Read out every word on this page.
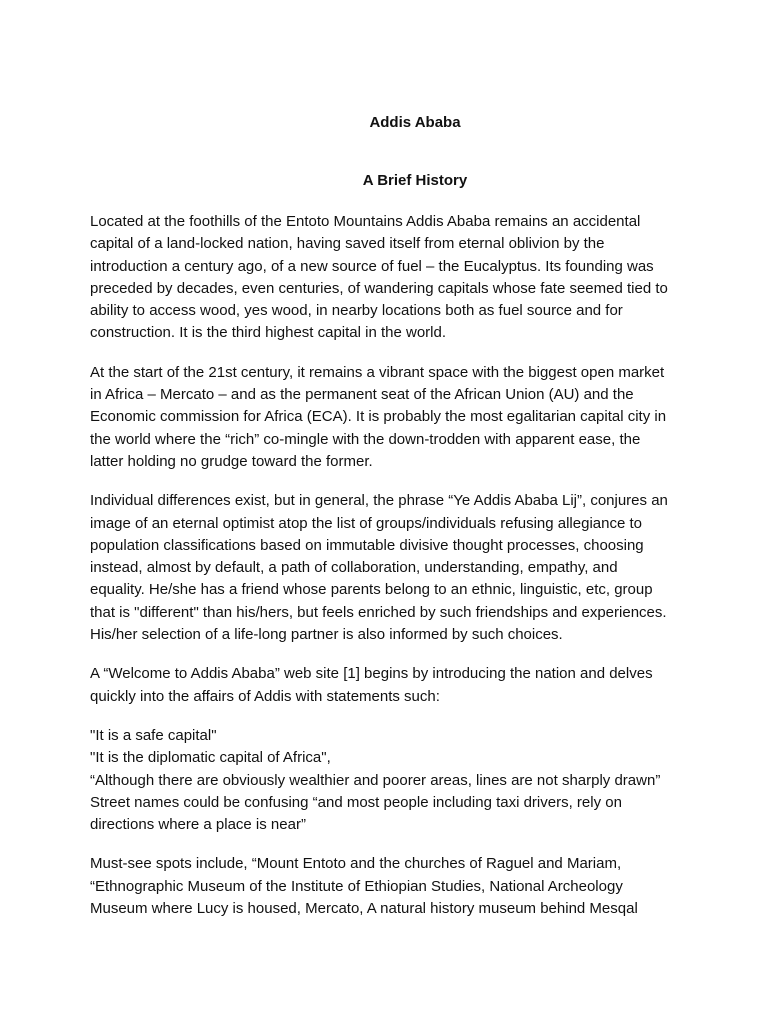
Addis Ababa
A Brief History

Located at the foothills of the Entoto Mountains Addis Ababa remains an accidental
capital of a land-locked nation, having saved itself from eternal oblivion by the
introduction a century ago, of a new source of fuel – the Eucalyptus. Its founding was
preceded by decades, even centuries, of wandering capitals whose fate seemed tied to
ability to access wood, yes wood, in nearby locations both as fuel source and for
construction. It is the third highest capital in the world.

At the start of the 21st century, it remains a vibrant space with the biggest open market
in Africa – Mercato – and as the permanent seat of the African Union (AU) and the
Economic commission for Africa (ECA). It is probably the most egalitarian capital city in
the world where the “rich” co-mingle with the down-trodden with apparent ease, the
latter holding no grudge toward the former.

Individual differences exist, but in general, the phrase “Ye Addis Ababa Lij”, conjures an
image of an eternal optimist atop the list of groups/individuals refusing allegiance to
population classifications based on immutable divisive thought processes, choosing
instead, almost by default, a path of collaboration, understanding, empathy, and
equality. He/she has a friend whose parents belong to an ethnic, linguistic, etc, group
that is "different" than his/hers, but feels enriched by such friendships and experiences.
His/her selection of a life-long partner is also informed by such choices.

A “Welcome to Addis Ababa” web site [1] begins by introducing the nation and delves
quickly into the affairs of Addis with statements such:

"It is a safe capital"
"It is the diplomatic capital of Africa",
“Although there are obviously wealthier and poorer areas, lines are not sharply drawn”
Street names could be confusing “and most people including taxi drivers, rely on
directions where a place is near”

Must-see spots include, “Mount Entoto and the churches of Raguel and Mariam,
“Ethnographic Museum of the Institute of Ethiopian Studies, National Archeology
Museum where Lucy is housed, Mercato, A natural history museum behind Mesqal
